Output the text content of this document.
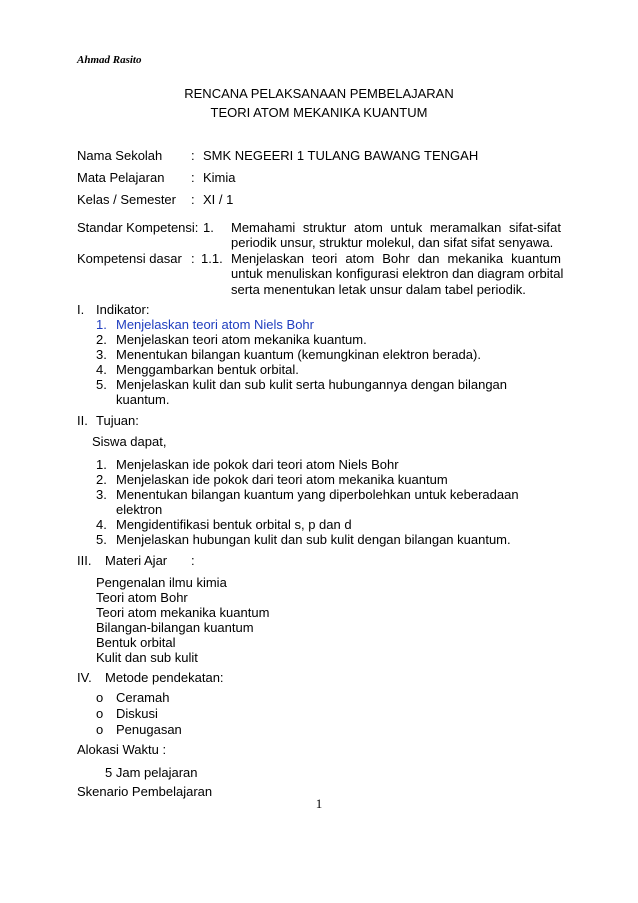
Ahmad Rasito
RENCANA PELAKSANAAN PEMBELAJARAN
TEORI ATOM MEKANIKA KUANTUM
Nama Sekolah : SMK NEGEERI 1 TULANG BAWANG TENGAH
Mata Pelajaran : Kimia
Kelas / Semester : XI / 1
Standar Kompetensi: 1. Memahami struktur atom untuk meramalkan sifat-sifat
periodik unsur, struktur molekul, dan sifat sifat senyawa.
Kompetensi dasar : 1.1. Menjelaskan teori atom Bohr dan mekanika kuantum
untuk menuliskan konfigurasi elektron dan diagram orbital
serta menentukan letak unsur dalam tabel periodik.
I. Indikator:
1. Menjelaskan teori atom Niels Bohr
2. Menjelaskan teori atom mekanika kuantum.
3. Menentukan bilangan kuantum (kemungkinan elektron berada).
4. Menggambarkan bentuk orbital.
5. Menjelaskan kulit dan sub kulit serta hubungannya dengan bilangan
kuantum.
II. Tujuan:
Siswa dapat,
1. Menjelaskan ide pokok dari teori atom Niels Bohr
2. Menjelaskan ide pokok dari teori atom mekanika kuantum
3. Menentukan bilangan kuantum yang diperbolehkan untuk keberadaan
elektron
4. Mengidentifikasi bentuk orbital s, p dan d
5. Menjelaskan hubungan kulit dan sub kulit dengan bilangan kuantum.
III. Materi Ajar :
Pengenalan ilmu kimia
Teori atom Bohr
Teori atom mekanika kuantum
Bilangan-bilangan kuantum
Bentuk orbital
Kulit dan sub kulit
IV. Metode pendekatan:
o Ceramah
o Diskusi
o Penugasan
Alokasi Waktu :
5 Jam pelajaran
Skenario Pembelajaran
1
